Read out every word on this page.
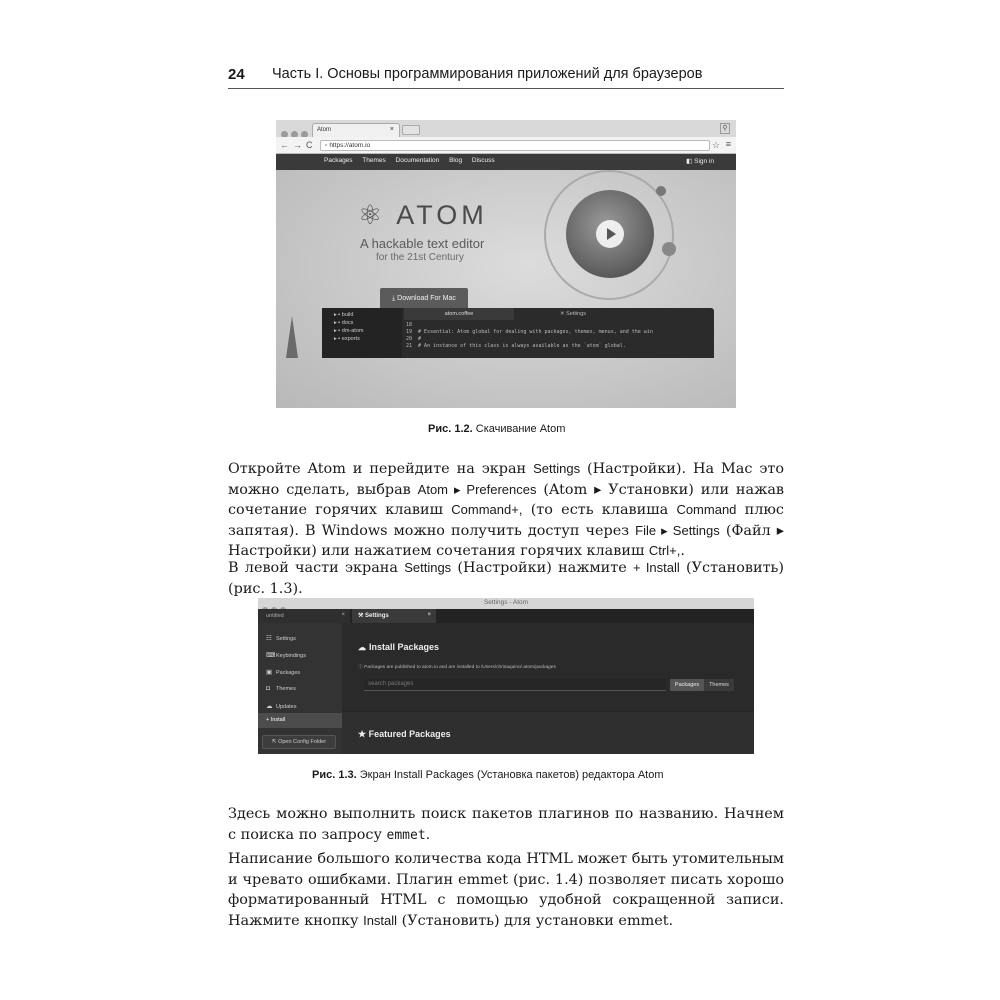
24 Часть I. Основы программирования приложений для браузеров
Atom	×	⚲
←→C	▫ https://atom.io	☆ ≡
Packages Themes Documentation Blog Discuss	◧ Sign in
⚛ ATOM
A hackable text editor
for the 21st Century
⤓ Download For Mac
▸ ▪ build
▸ ▪ docs
▸ ▪ dm-atom
▸ ▪ exports
atom.coffee	✕ Settings
18
19  # Essential: Atom global for dealing with packages, themes, menus, and the win
20  #
21  # An instance of this class is always available as the `atom` global.
Рис. 1.2. Скачивание Atom

Откройте Atom и перейдите на экран Settings (Настройки). На Mac это можно сделать, выбрав Atom ▸ Preferences (Atom ▸ Установки) или нажав сочетание горячих клавиш Command+, (то есть клавиша Command плюс запятая). В Windows можно получить доступ через File ▸ Settings (Файл ▸ Настройки) или нажатием сочетания горячих клавиш Ctrl+,.

В левой части экрана Settings (Настройки) нажмите + Install (Установить) (рис. 1.3).

Settings - Atom
untitled	×	⚒ Settings	×
☷ Settings
⌨Keybindings
▣ Packages
◘ Themes
☁ Updates
+ Install
⇱ Open Config Folder
☁ Install Packages
ⓘ Packages are published to atom.io and are installed to /Users/chrisaquino/.atom/packages
search packages	Packages	Themes
★ Featured Packages
Рис. 1.3. Экран Install Packages (Установка пакетов) редактора Atom

Здесь можно выполнить поиск пакетов плагинов по названию. Начнем с поиска по запросу emmet.

Написание большого количества кода HTML может быть утомительным и чревато ошибками. Плагин emmet (рис. 1.4) позволяет писать хорошо форматированный HTML с помощью удобной сокращенной записи. Нажмите кнопку Install (Установить) для установки emmet.
